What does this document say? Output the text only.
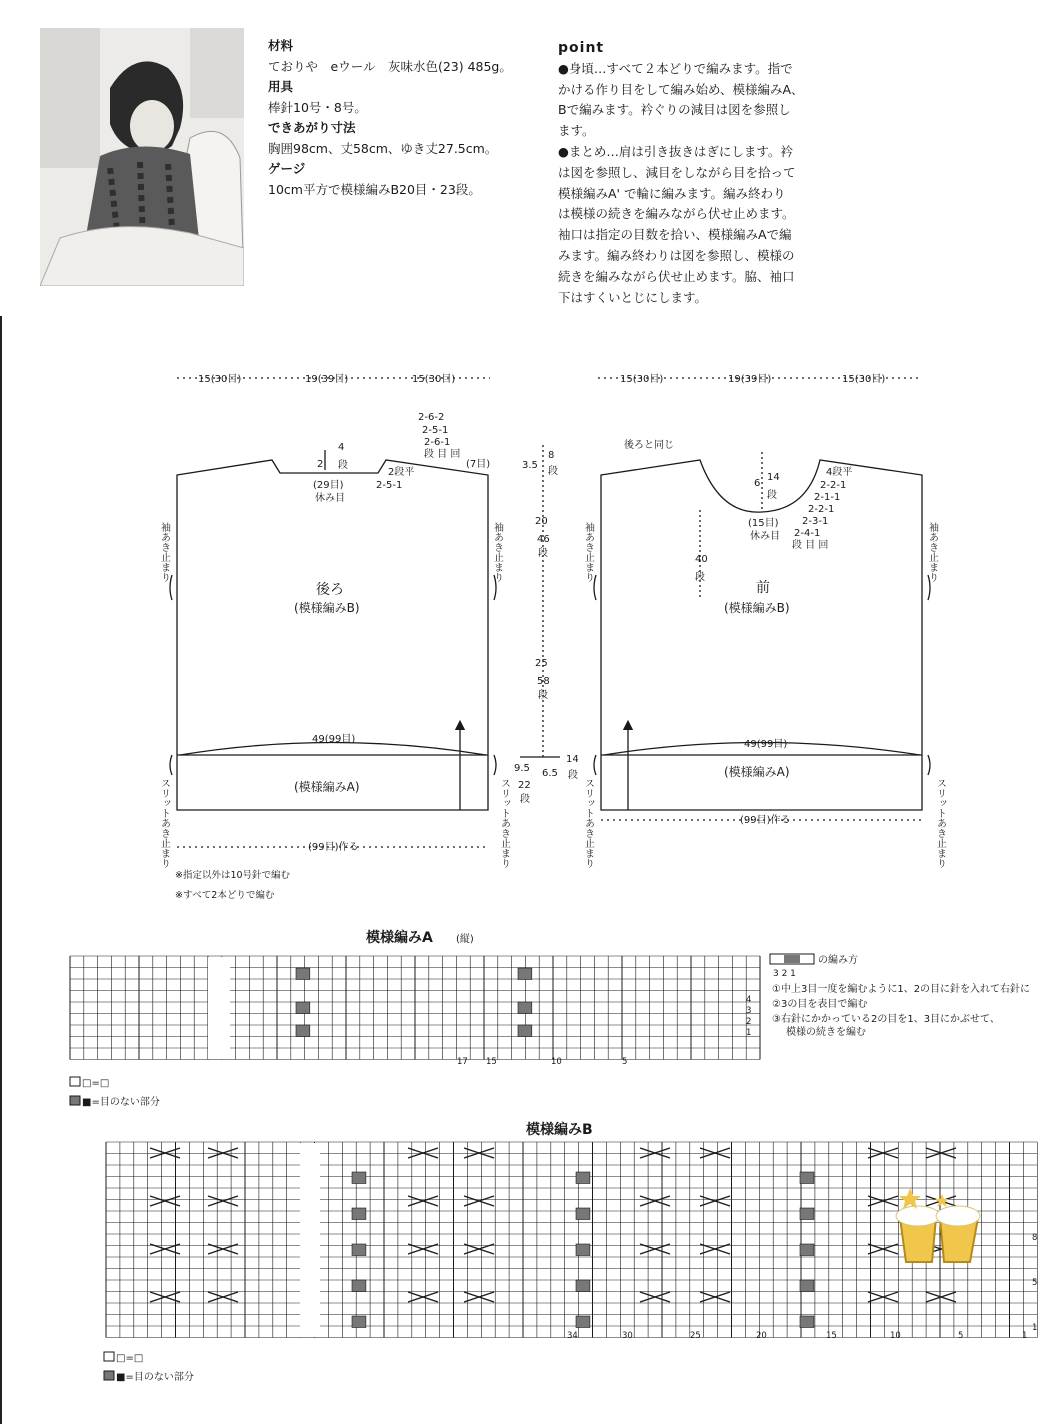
材料
ておりや　eウール　灰味水色(23) 485g。
用具
棒針10号・8号。
できあがり寸法
胸囲98cm、丈58cm、ゆき丈27.5cm。
ゲージ
10cm平方で模様編みB20目・23段。
point
●身頃…すべて２本どりで編みます。指で
かける作り目をして編み始め、模様編みA、
Bで編みます。衿ぐりの減目は図を参照し
ます。
●まとめ…肩は引き抜きはぎにします。衿
は図を参照し、減目をしながら目を拾って
模様編みA' で輪に編みます。編み終わり
は模様の続きを編みながら伏せ止めます。
袖口は指定の目数を拾い、模様編みAで編
みます。編み終わりは図を参照し、模様の
続きを編みながら伏せ止めます。脇、袖口
下はすくいとじにします。
15(30目)	19(39目)	15(30目)
2-6-2
2-5-1
2-6-1
段 目 回
(7目)
2
4
段
2段平
2-5-1
(29目)
休み目
49(99目)
(99目)作る
後ろ
(模様編みB)
(模様編みA)
袖あき止まり	袖あき止まり
スリットあき止まり	スリットあき止まり
15(30目)	19(39目)	15(30目)
後ろと同じ
6
14
段
4段平
2-2-1
2-1-1
2-2-1
2-3-1
2-4-1
段 目 回
(15目)
休み目
40
段
49(99目)
(99目)作る
前
(模様編みB)
(模様編みA)
袖あき止まり	袖あき止まり
スリットあき止まり	スリットあき止まり
3.5
8
段
20
46
段
25
58
段
9.5
22
段
6.5
14
段
※指定以外は10号針で編む
※すべて2本どりで編む
模様編みA (縦)
17 15	10	5
4
3
2
1
の編み方
3 2 1
①中上3目一度を編むように1、2の目に針を入れて右針に
②3の目を表目で編む
③右針にかかっている2の目を1、3目にかぶせて、
模様の続きを編む
□=□
■=目のない部分
模様編みB
34	30	25	20	15	10	5	1
8
5
1
□=□
■=目のない部分
